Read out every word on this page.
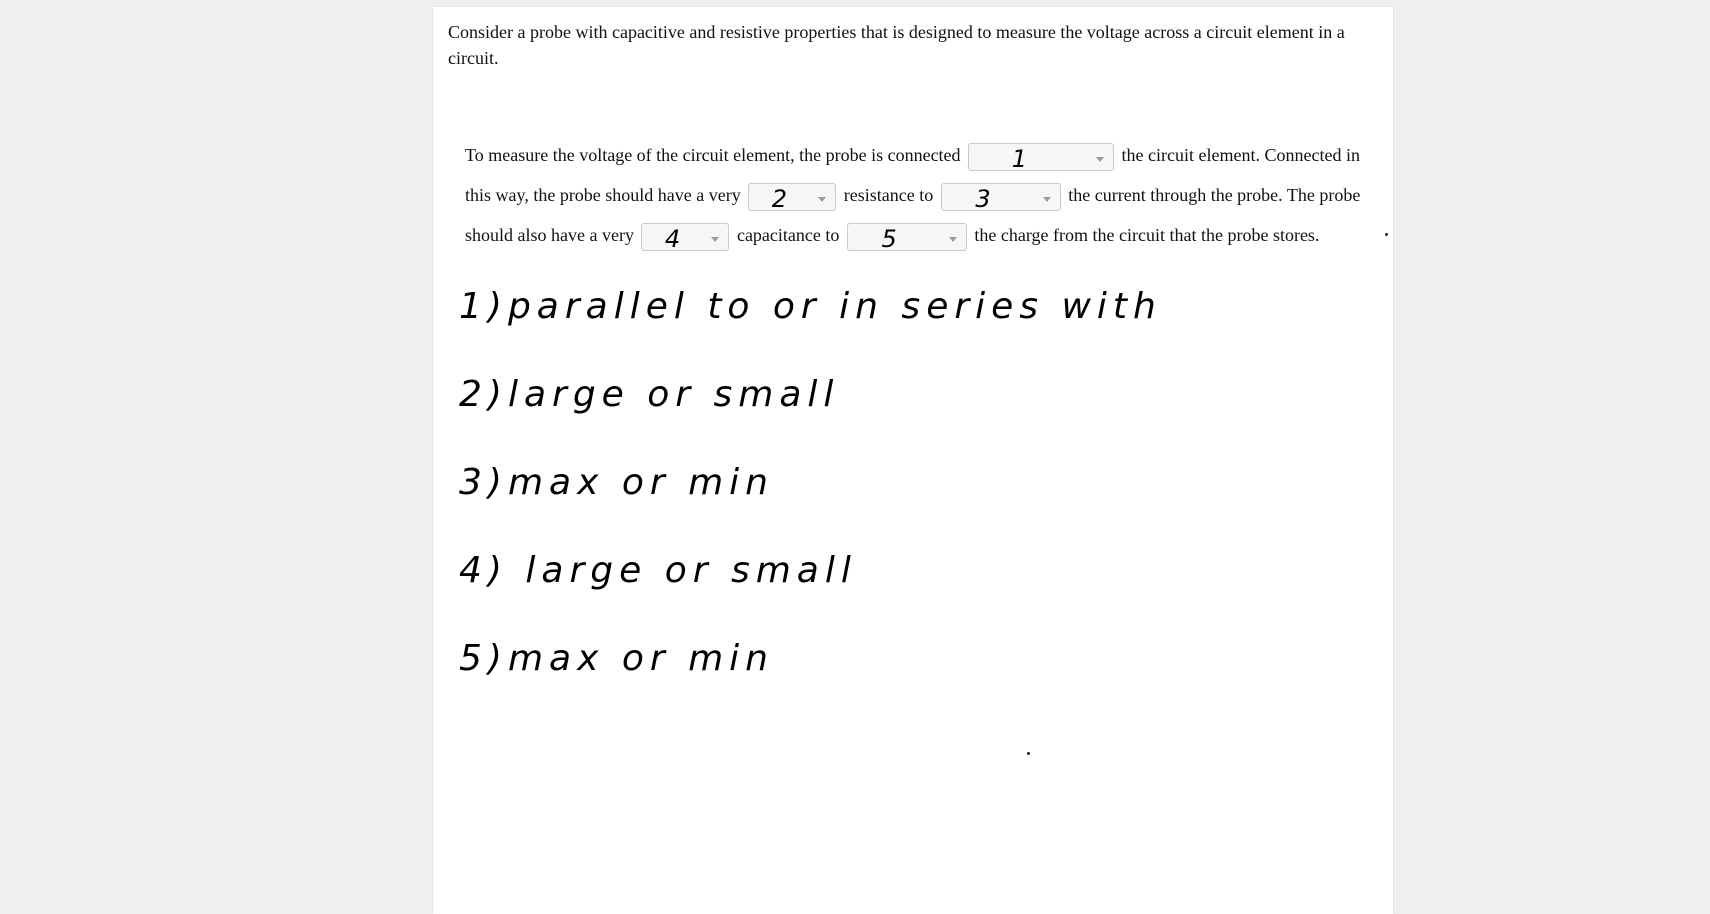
Consider a probe with capacitive and resistive properties that is designed to measure the voltage across a circuit element in a circuit.
To measure the voltage of the circuit element, the probe is connected	1	the circuit element. Connected in
this way, the probe should have a very	2	resistance to	3	the current through the probe. The probe
should also have a very	4	capacitance to	5	the charge from the circuit that the probe stores.
1)parallel to or in series with
2)large or small
3)max or min
4) large or small
5)max or min
